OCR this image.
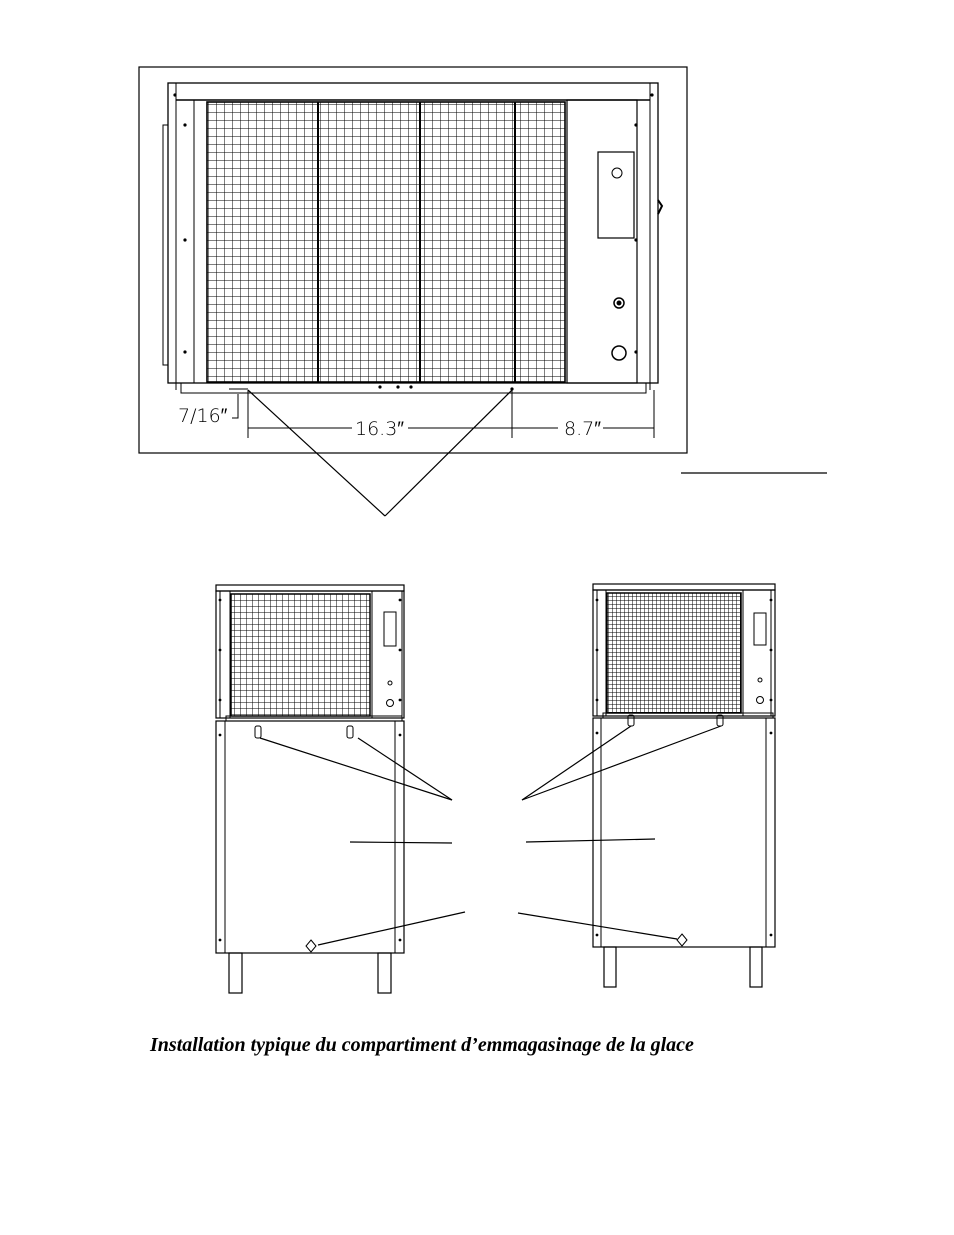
7/16″
16.3″	8.7″
Installation typique du compartiment d’emmagasinage de la glace
